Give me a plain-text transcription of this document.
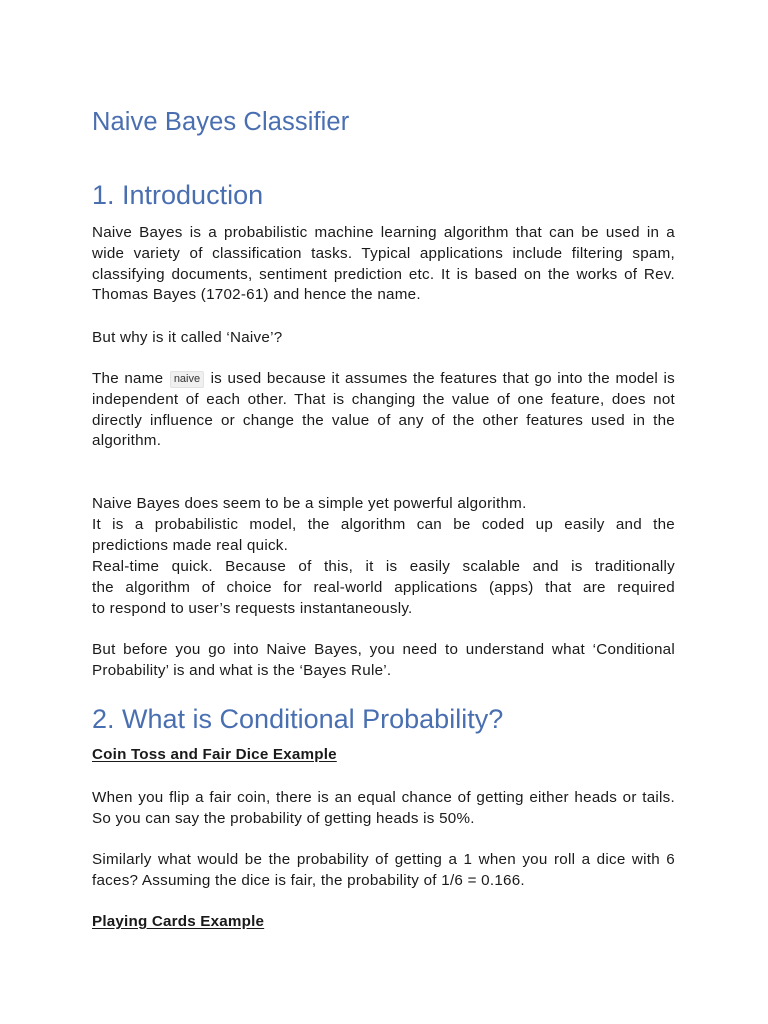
Naive Bayes Classifier
1. Introduction

Naive Bayes is a probabilistic machine learning algorithm that can be used in a wide variety of classification tasks. Typical applications include filtering spam, classifying documents, sentiment prediction etc. It is based on the works of Rev. Thomas Bayes (1702-61) and hence the name.

But why is it called ‘Naive’?

The name naive is used because it assumes the features that go into the model is independent of each other. That is changing the value of one feature, does not directly influence or change the value of any of the other features used in the algorithm.

Naive Bayes does seem to be a simple yet powerful algorithm.

It is a probabilistic model, the algorithm can be coded up easily and the

predictions made real quick.

Real-time quick. Because of this, it is easily scalable and is traditionally

the algorithm of choice for real-world applications (apps) that are required

to respond to user’s requests instantaneously.

But before you go into Naive Bayes, you need to understand what ‘Conditional Probability’ is and what is the ‘Bayes Rule’.

2. What is Conditional Probability?

Coin Toss and Fair Dice Example

When you flip a fair coin, there is an equal chance of getting either heads or tails. So you can say the probability of getting heads is 50%.

Similarly what would be the probability of getting a 1 when you roll a dice with 6 faces? Assuming the dice is fair, the probability of 1/6 = 0.166.

Playing Cards Example
